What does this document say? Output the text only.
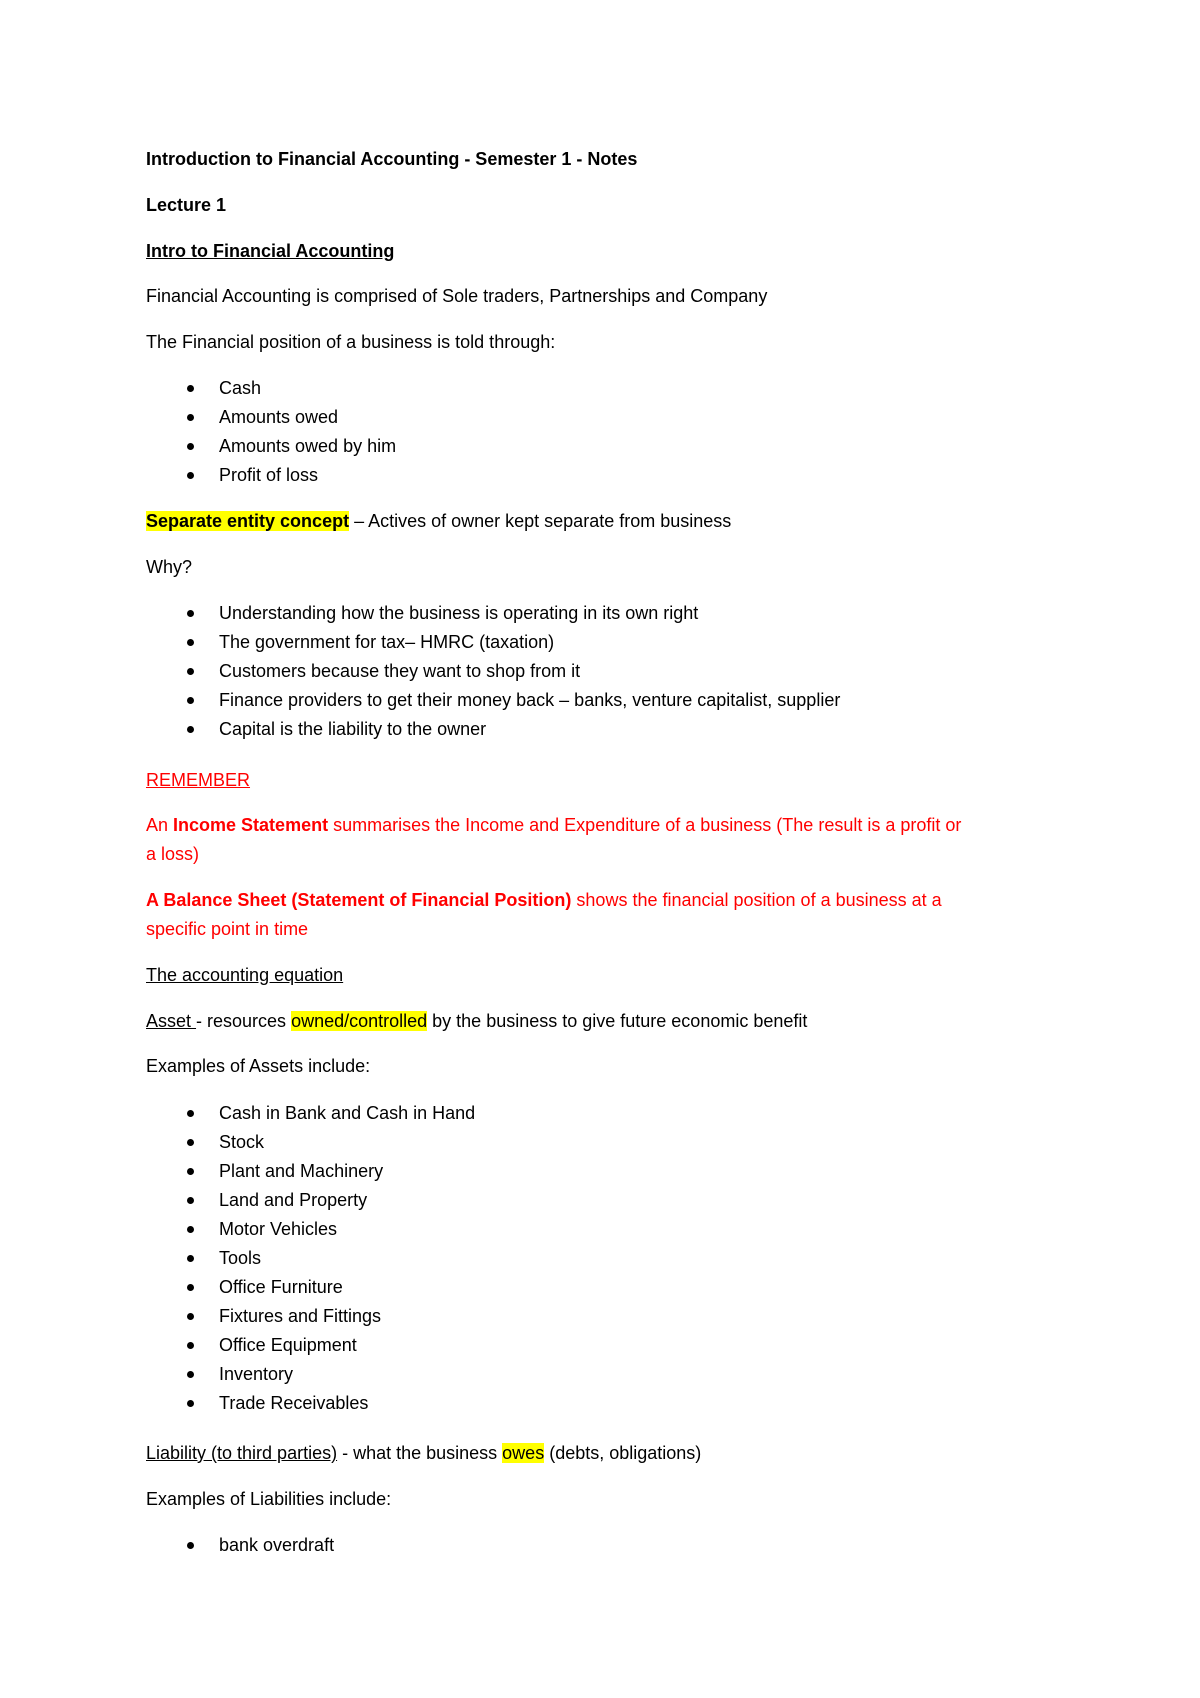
Introduction to Financial Accounting - Semester 1 - Notes
Lecture 1
Intro to Financial Accounting
Financial Accounting is comprised of Sole traders, Partnerships and Company
The Financial position of a business is told through:
Cash
Amounts owed
Amounts owed by him
Profit of loss
Separate entity concept – Actives of owner kept separate from business
Why?
Understanding how the business is operating in its own right
The government for tax– HMRC (taxation)
Customers because they want to shop from it
Finance providers to get their money back – banks, venture capitalist, supplier
Capital is the liability to the owner
REMEMBER
An Income Statement summarises the Income and Expenditure of a business (The result is a profit or
a loss)
A Balance Sheet (Statement of Financial Position) shows the financial position of a business at a
specific point in time
The accounting equation
Asset - resources owned/controlled by the business to give future economic benefit
Examples of Assets include:
Cash in Bank and Cash in Hand
Stock
Plant and Machinery
Land and Property
Motor Vehicles
Tools
Office Furniture
Fixtures and Fittings
Office Equipment
Inventory
Trade Receivables
Liability (to third parties) - what the business owes (debts, obligations)
Examples of Liabilities include:
bank overdraft
